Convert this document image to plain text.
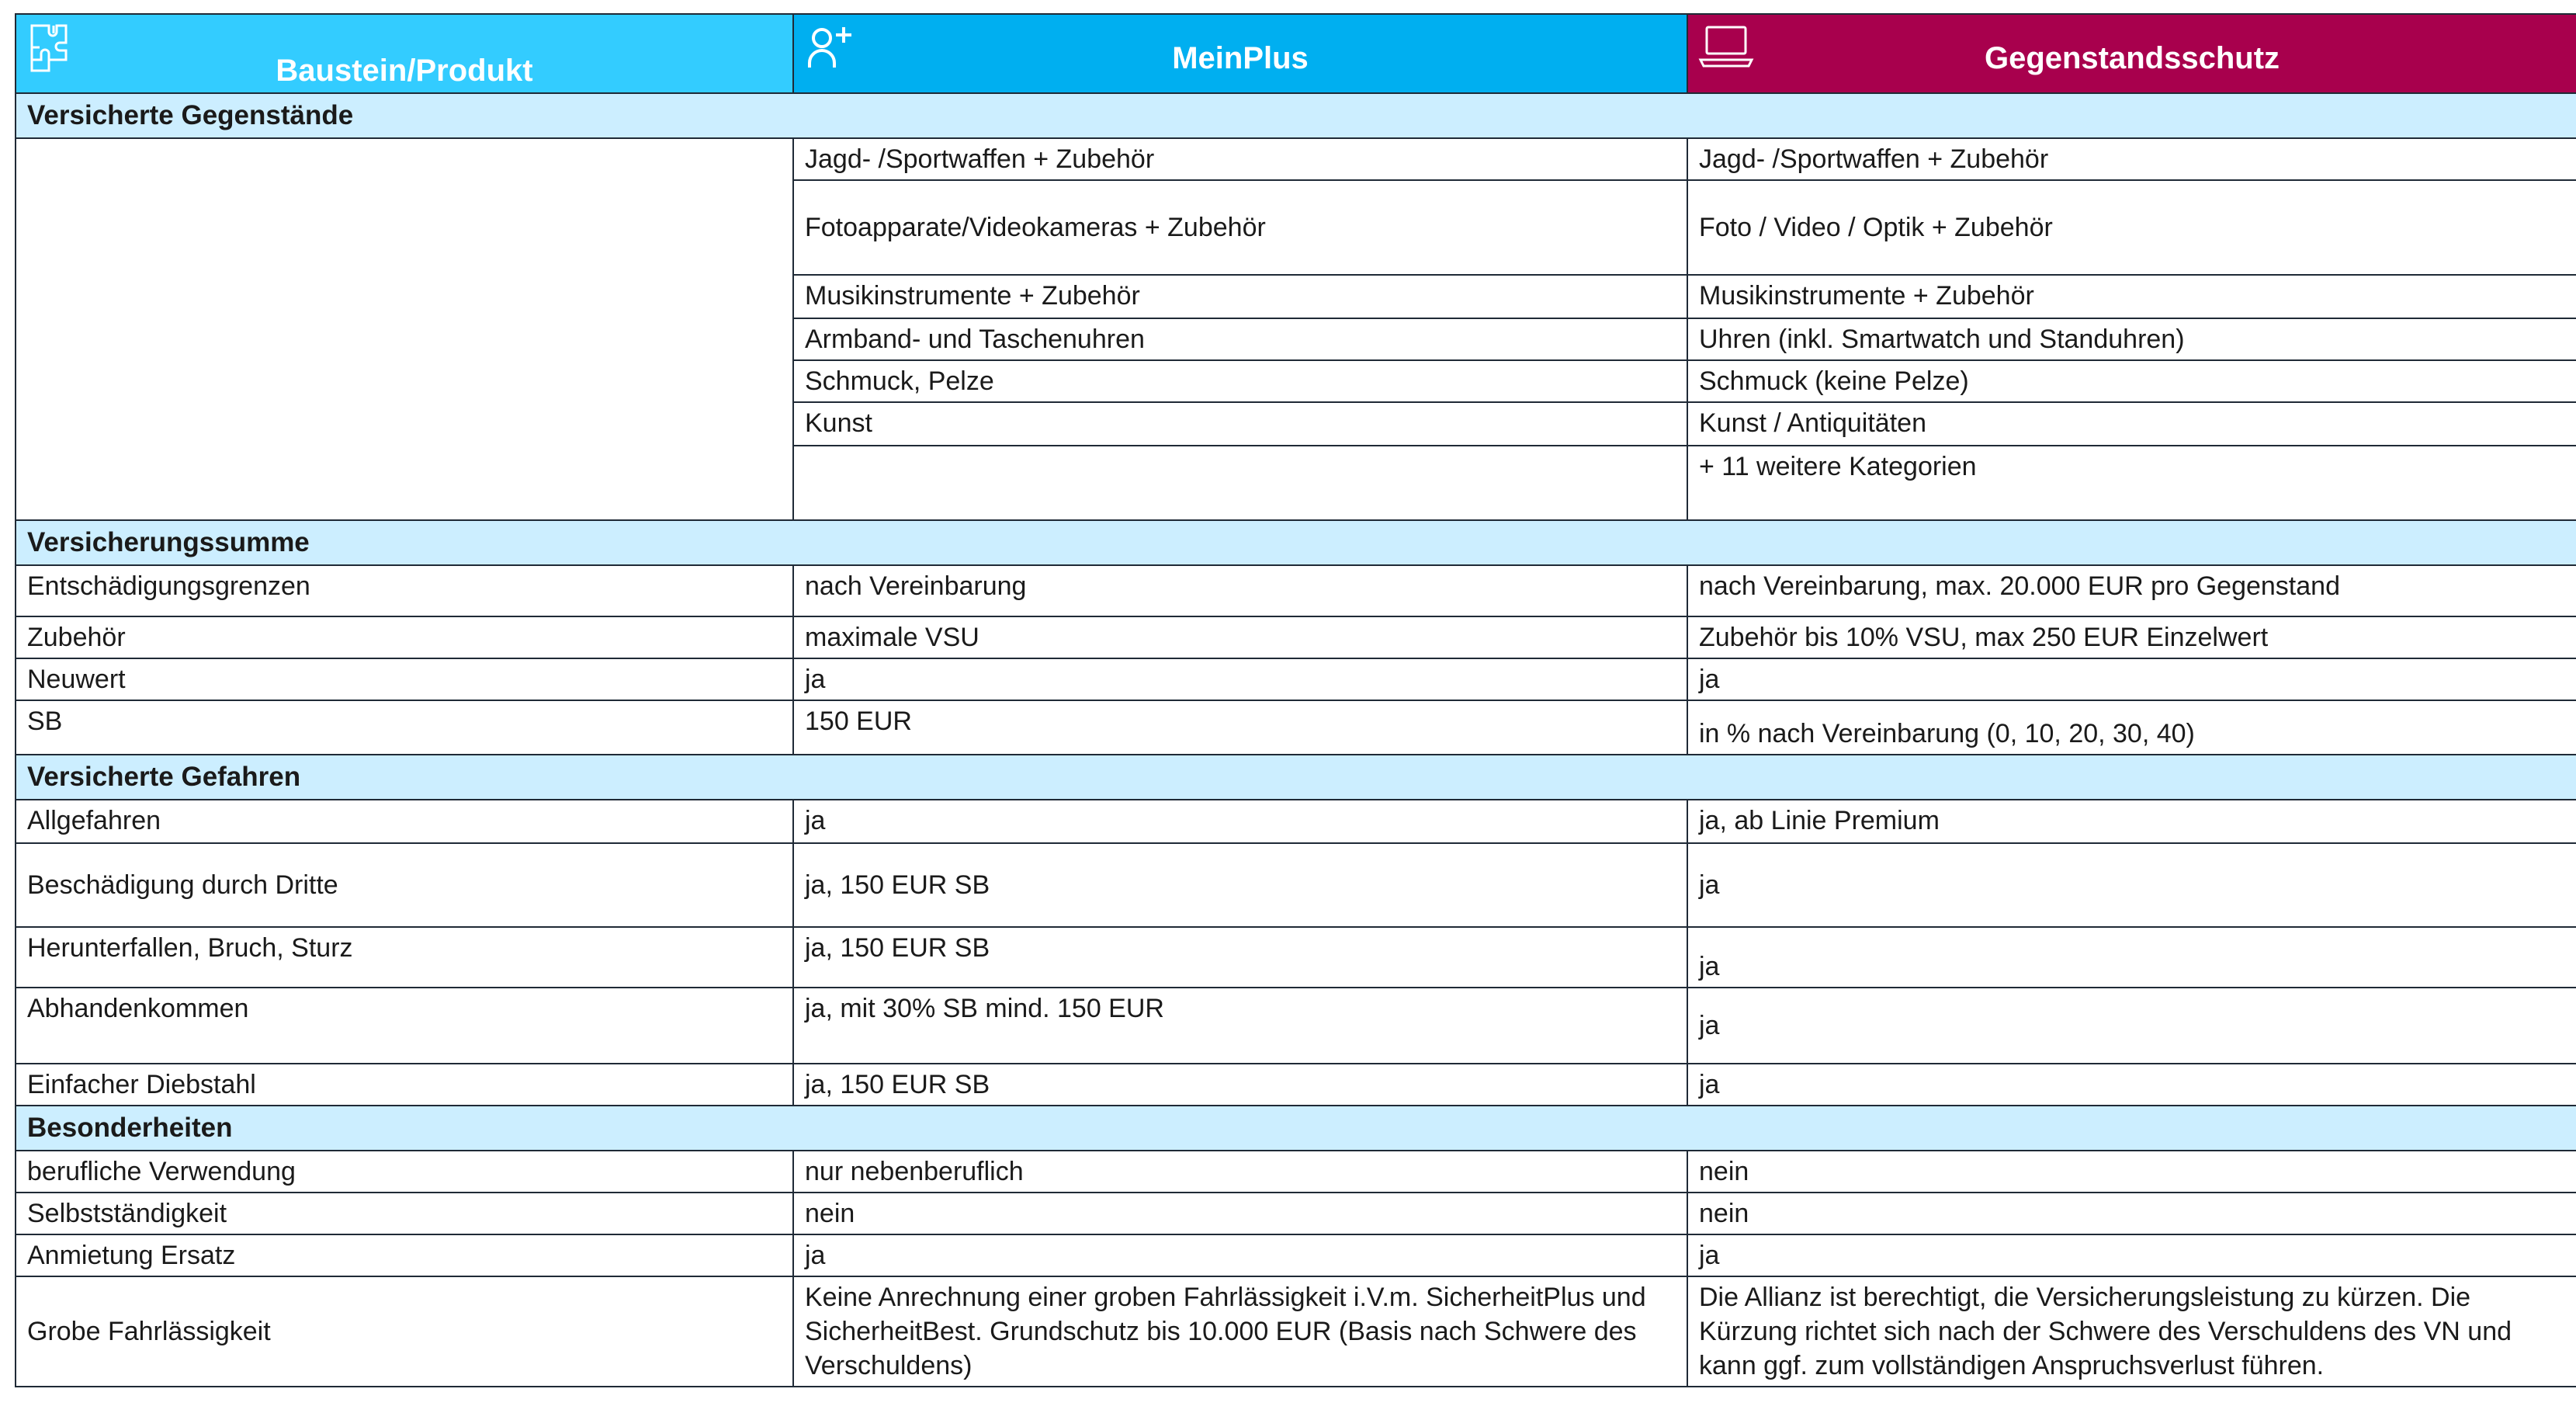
Baustein/Produkt	MeinPlus	Gegenstandsschutz

Versicherte Gegenstände		
	Jagd- /Sportwaffen + Zubehör	Jagd- /Sportwaffen + Zubehör
	Fotoapparate/Videokameras + Zubehör	Foto / Video / Optik + Zubehör
	Musikinstrumente + Zubehör	Musikinstrumente + Zubehör
	Armband- und Taschenuhren	Uhren (inkl. Smartwatch und Standuhren)
	Schmuck, Pelze	Schmuck (keine Pelze)
	Kunst	Kunst / Antiquitäten
		+ 11 weitere Kategorien
Versicherungssumme		
Entschädigungsgrenzen	nach Vereinbarung	nach Vereinbarung, max. 20.000 EUR pro Gegenstand
Zubehör	maximale VSU	Zubehör bis 10% VSU, max 250 EUR Einzelwert
Neuwert	ja	ja
SB	150 EUR	in % nach Vereinbarung (0, 10, 20, 30, 40)
Versicherte Gefahren		
Allgefahren	ja	ja, ab Linie Premium
Beschädigung durch Dritte	ja, 150 EUR SB	ja
Herunterfallen, Bruch, Sturz	ja, 150 EUR SB	ja
Abhandenkommen	ja, mit 30% SB mind. 150 EUR	ja
Einfacher Diebstahl	ja, 150 EUR SB	ja
Besonderheiten		
berufliche Verwendung	nur nebenberuflich	nein
Selbstständigkeit	nein	nein
Anmietung Ersatz	ja	ja
Grobe Fahrlässigkeit	Keine Anrechnung einer groben Fahrlässigkeit i.V.m. SicherheitPlus und SicherheitBest. Grundschutz bis 10.000 EUR (Basis nach Schwere des Verschuldens)	Die Allianz ist berechtigt, die Versicherungsleistung zu kürzen. Die Kürzung richtet sich nach der Schwere des Verschuldens des VN und kann ggf. zum vollständigen Anspruchsverlust führen.
